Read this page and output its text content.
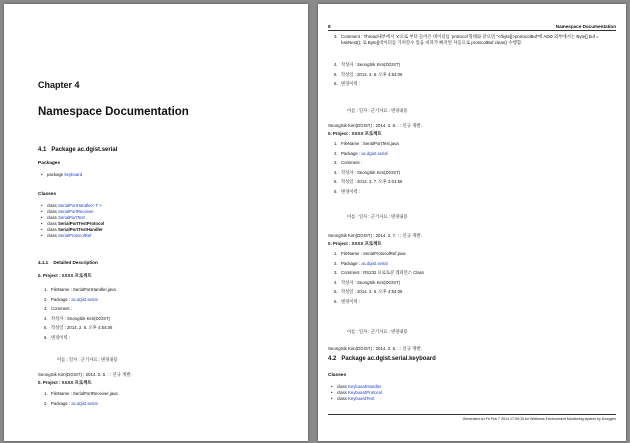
Chapter 4
Namespace Documentation
4.1 Package ac.dgist.serial
Packages
• package keyboard
Classes
• class SerialPortHandler< T >
• class SerialPortReceiver
• class SerialPortTest
• class SerialPortTestProtocol
• class SerialPortTestHandler
• class SerialProtocolRef
4.1.1 Detailed Description
0. Project : XXXX 프로젝트
1. FileName : SerialPortHandler.java
2. Package : ac.dgist.serial
3. Comment :
4. 작성자 : SeongSik Kim(DGIST)
5. 작성일 : 2014. 2. 6. 오후 4:54:06
6. 변경이력 :
이름 : 일자 : 근거자료 : 변경내용
SeongSik Kim(DGIST) : 2014. 2. 6. : : 신규 개발.
0. Project : XXXX 프로젝트
1. FileName : SerialPortReceiver.java
2. Package : ac.dgist.serial
8	Namespace Documentation
3. Comment : Thread내부에서 'x'으로 부터 들어온 데이터를 'protocol'형태와 같으면 "</byte[]>protocolBuf'에 ADD 외부에서는 Byte[] buf = hasNext(); 로 Byte[]데이터를 가져갈수 있음 비파가 빠지면 자동으로 protocolBuf.clear() 수행함.
4. 작성자 : SeongSik Kim(DGIST)
5. 작성일 : 2014. 2. 6. 오후 4:54:06
6. 변경이력 :
이름 : 일자 : 근거자료 : 변경내용
SeongSik Kim(DGIST) : 2014. 2. 6. : : 신규 개발.
0. Project : XXXX 프로젝트
1. FileName : SerialPortTest.java
2. Package : ac.dgist.serial
3. Comment :
4. 작성자 : SeongSik Kim(DGIST)
5. 작성일 : 2014. 2. 7. 오후 2:01:56
6. 변경이력 :
이름 : 일자 : 근거자료 : 변경내용
SeongSik Kim(DGIST) : 2014. 2. 7. : : 신규 개발.
0. Project : XXXX 프로젝트
1. FileName : SerialProtocolRef.java
2. Package : ac.dgist.serial
3. Comment : RS232 프로토콜 레퍼런스 Class
4. 작성자 : SeongSik Kim(DGIST)
5. 작성일 : 2014. 2. 6. 오후 4:54:06
6. 변경이력 :
이름 : 일자 : 근거자료 : 변경내용
SeongSik Kim(DGIST) : 2014. 2. 6. : : 신규 개발.
4.2 Package ac.dgist.serial.keyboard
Classes
• class KeyboardHandler
• class KeyboardProtocol
• class KeyboardTest
Generated on Fri Feb 7 2014 17:09:15 for Wellness Environment Monitoring system by Doxygen
